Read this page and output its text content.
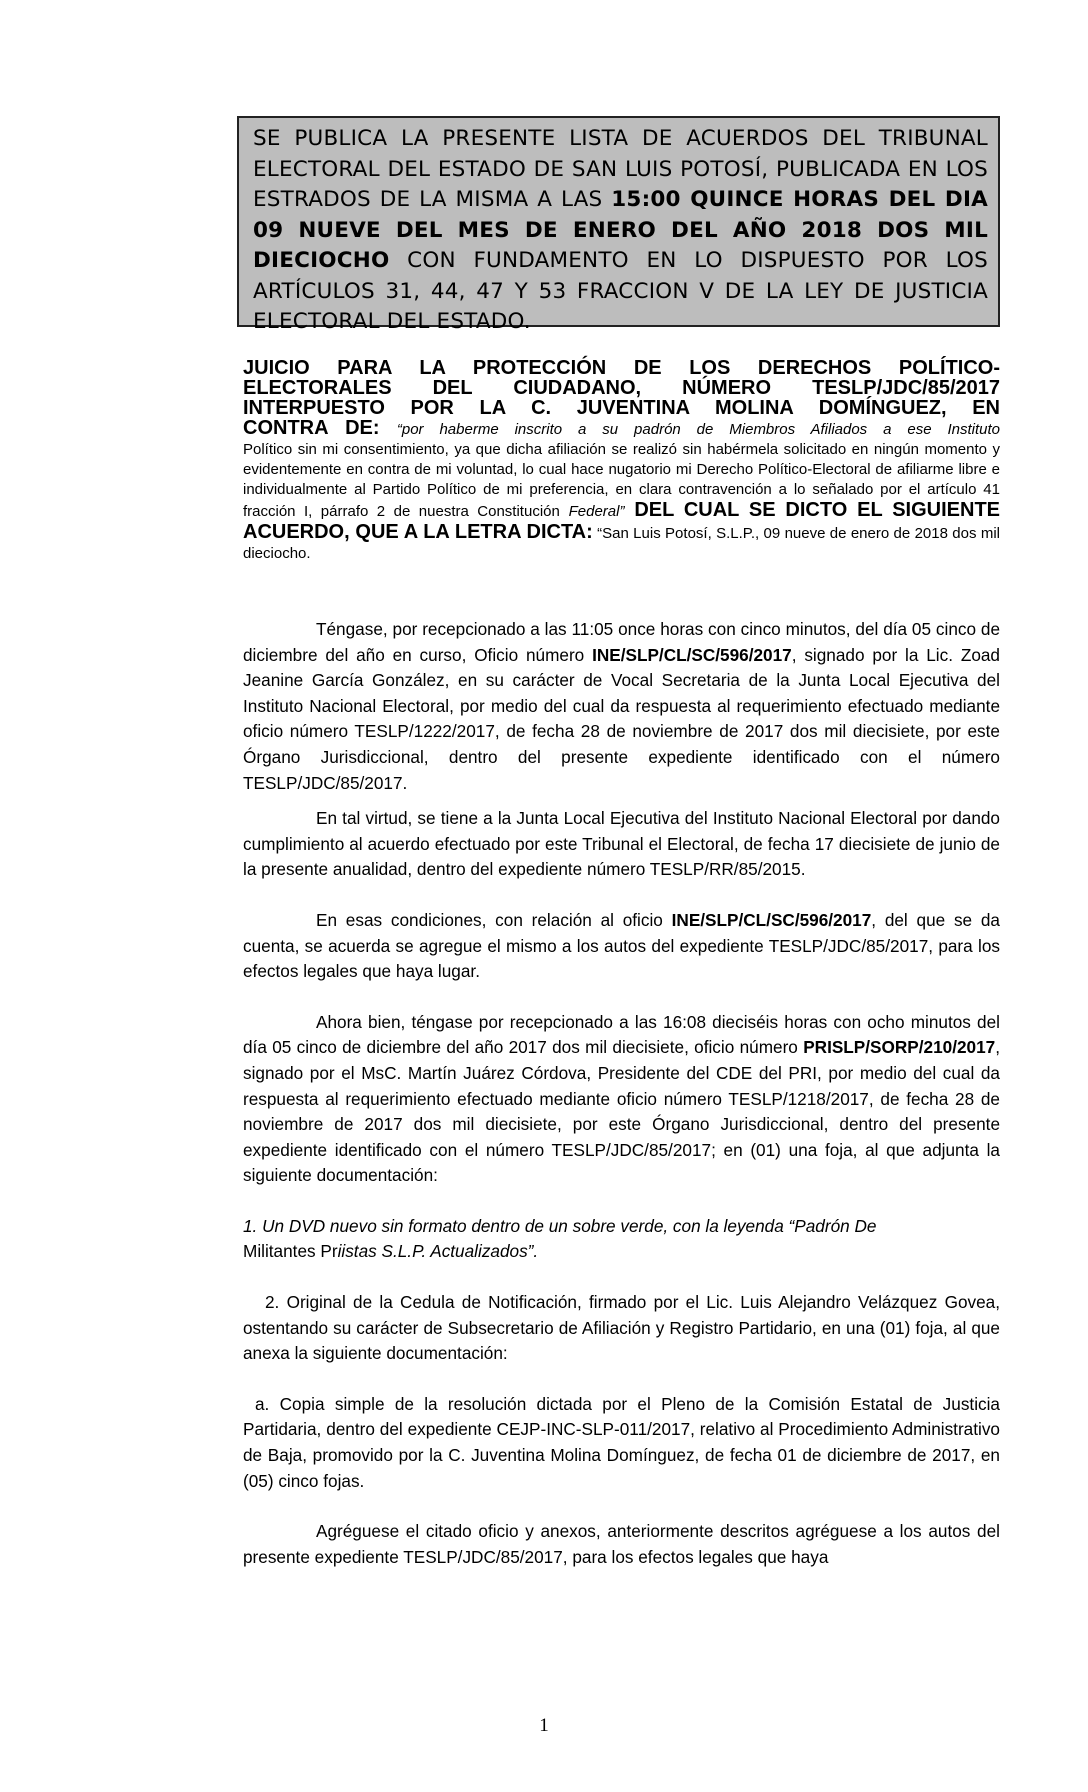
SE PUBLICA LA PRESENTE LISTA DE ACUERDOS DEL TRIBUNAL ELECTORAL DEL ESTADO DE SAN LUIS POTOSÍ, PUBLICADA EN LOS ESTRADOS DE LA MISMA A LAS 15:00 QUINCE HORAS DEL DIA 09 NUEVE DEL MES DE ENERO DEL AÑO 2018 DOS MIL DIECIOCHO CON FUNDAMENTO EN LO DISPUESTO POR LOS ARTÍCULOS 31, 44, 47 Y 53 FRACCION V DE LA LEY DE JUSTICIA ELECTORAL DEL ESTADO.
JUICIO PARA LA PROTECCIÓN DE LOS DERECHOS POLÍTICO-
ELECTORALES DEL CIUDADANO, NÚMERO TESLP/JDC/85/2017
INTERPUESTO POR LA C. JUVENTINA MOLINA DOMÍNGUEZ, EN
CONTRA DE: “por haberme inscrito a su padrón de Miembros Afiliados a ese Instituto
Político sin mi consentimiento, ya que dicha afiliación se realizó sin habérmela solicitado en ningún momento y evidentemente en contra de mi voluntad, lo cual hace nugatorio mi Derecho Político-Electoral de afiliarme libre e individualmente al Partido Político de mi preferencia, en clara contravención a lo señalado por el artículo 41 fracción I, párrafo 2 de nuestra Constitución Federal” DEL CUAL SE DICTO EL SIGUIENTE ACUERDO, QUE A LA LETRA DICTA: “San Luis Potosí, S.L.P., 09 nueve de enero de 2018 dos mil dieciocho.

Téngase, por recepcionado a las 11:05 once horas con cinco minutos, del día 05 cinco de diciembre del año en curso, Oficio número INE/SLP/CL/SC/596/2017, signado por la Lic. Zoad Jeanine García González, en su carácter de Vocal Secretaria de la Junta Local Ejecutiva del Instituto Nacional Electoral, por medio del cual da respuesta al requerimiento efectuado mediante oficio número TESLP/1222/2017, de fecha 28 de noviembre de 2017 dos mil diecisiete, por este Órgano Jurisdiccional, dentro del presente expediente identificado con el número TESLP/JDC/85/2017.

En tal virtud, se tiene a la Junta Local Ejecutiva del Instituto Nacional Electoral por dando cumplimiento al acuerdo efectuado por este Tribunal el Electoral, de fecha 17 diecisiete de junio de la presente anualidad, dentro del expediente número TESLP/RR/85/2015.

En esas condiciones, con relación al oficio INE/SLP/CL/SC/596/2017, del que se da cuenta, se acuerda se agregue el mismo a los autos del expediente TESLP/JDC/85/2017, para los efectos legales que haya lugar.

Ahora bien, téngase por recepcionado a las 16:08 dieciséis horas con ocho minutos del día 05 cinco de diciembre del año 2017 dos mil diecisiete, oficio número PRISLP/SORP/210/2017, signado por el MsC. Martín Juárez Córdova, Presidente del CDE del PRI, por medio del cual da respuesta al requerimiento efectuado mediante oficio número TESLP/1218/2017, de fecha 28 de noviembre de 2017 dos mil diecisiete, por este Órgano Jurisdiccional, dentro del presente expediente identificado con el número TESLP/JDC/85/2017; en (01) una foja, al que adjunta la siguiente documentación:

1. Un DVD nuevo sin formato dentro de un sobre verde, con la leyenda “Padrón De
Militantes Priistas S.L.P. Actualizados”.

2. Original de la Cedula de Notificación, firmado por el Lic. Luis Alejandro Velázquez Govea, ostentando su carácter de Subsecretario de Afiliación y Registro Partidario, en una (01) foja, al que anexa la siguiente documentación:

a. Copia simple de la resolución dictada por el Pleno de la Comisión Estatal de Justicia Partidaria, dentro del expediente CEJP-INC-SLP-011/2017, relativo al Procedimiento Administrativo de Baja, promovido por la C. Juventina Molina Domínguez, de fecha 01 de diciembre de 2017, en (05) cinco fojas.

Agréguese el citado oficio y anexos, anteriormente descritos agréguese a los autos del presente expediente TESLP/JDC/85/2017, para los efectos legales que haya

1
